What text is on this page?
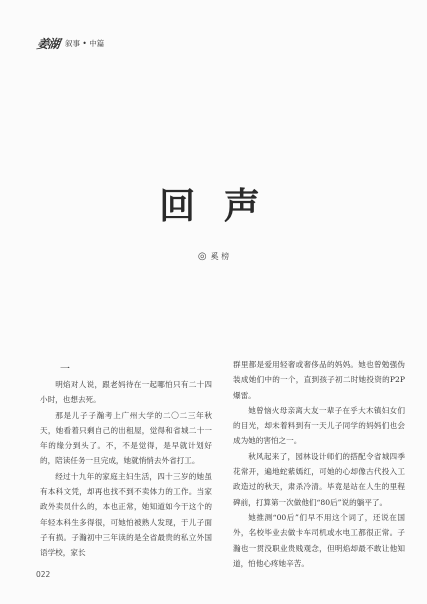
姜湖 叙事 • 中篇
回 声
◎ 奚 榜

一

明焰对人说，跟老妈待在一起哪怕只有二十四小时，也想去死。

那是儿子子瀚考上广州大学的二〇二三年秋天，她看着只剩自己的出租屋，觉得和省城二十一年的缘分到头了。不，不是觉得，是早就计划好的，陪读任务一旦完成，她就悄悄去外省打工。

经过十九年的家庭主妇生活，四十三岁的她虽有本科文凭，却再也找不到不卖体力的工作。当家政外卖员什么的，本也正常，她知道如今干这个的年轻本科生多得很，可她怕被熟人发现，于儿子面子有损。子瀚初中三年读的是全省最贵的私立外国语学校，家长

群里都是爱用轻奢或奢侈品的妈妈。她也曾勉强伪装成她们中的一个，直到孩子初二时她投资的P2P爆雷。

她曾恼火母亲离大友一辈子在乎大木镇妇女们的目光，却未着料到有一天儿子同学的妈妈们也会成为她的害怕之一。

秋风起来了，园林设计师们的搭配令省城四季花常开，遍地蛇紫嫣红，可她的心却像古代投入工政造过的秋天，肃杀冷清。毕竟是站在人生的里程碑前，打算第一次做他们“80后”说的躺平了。

她推测“00后”们早不用这个词了，还说在国外，名校毕业去做卡车司机或水电工都很正常。子瀚也一贯没职业贵贱观念，但明焰却最不敢让他知道，怕他心疼她辛苦。

022
